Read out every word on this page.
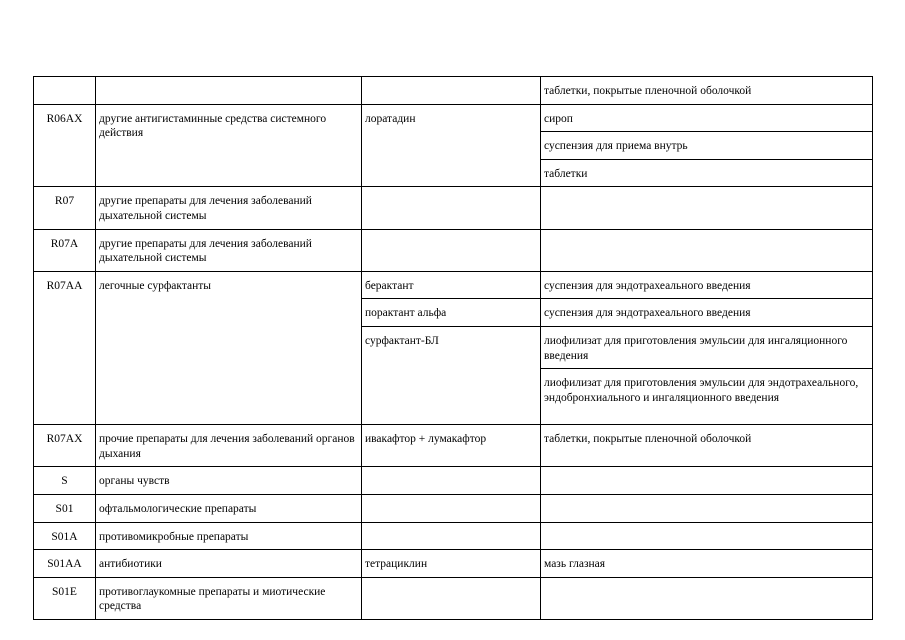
			таблетки, покрытые пленочной оболочкой
R06AX	другие антигистаминные средства системного действия	лоратадин	сироп
			суспензия для приема внутрь
			таблетки
R07	другие препараты для лечения заболеваний дыхательной системы		
R07A	другие препараты для лечения заболеваний дыхательной системы		
R07AA	легочные сурфактанты	берактант	суспензия для эндотрахеального введения
		порактант альфа	суспензия для эндотрахеального введения
		сурфактант-БЛ	лиофилизат для приготовления эмульсии для ингаляционного введения
			лиофилизат для приготовления эмульсии для эндотрахеального, эндобронхиального и ингаляционного введения
R07AX	прочие препараты для лечения заболеваний органов дыхания	ивакафтор + лумакафтор	таблетки, покрытые пленочной оболочкой
S	органы чувств		
S01	офтальмологические препараты		
S01A	противомикробные препараты		
S01AA	антибиотики	тетрациклин	мазь глазная
S01E	противоглаукомные препараты и миотические средства		
